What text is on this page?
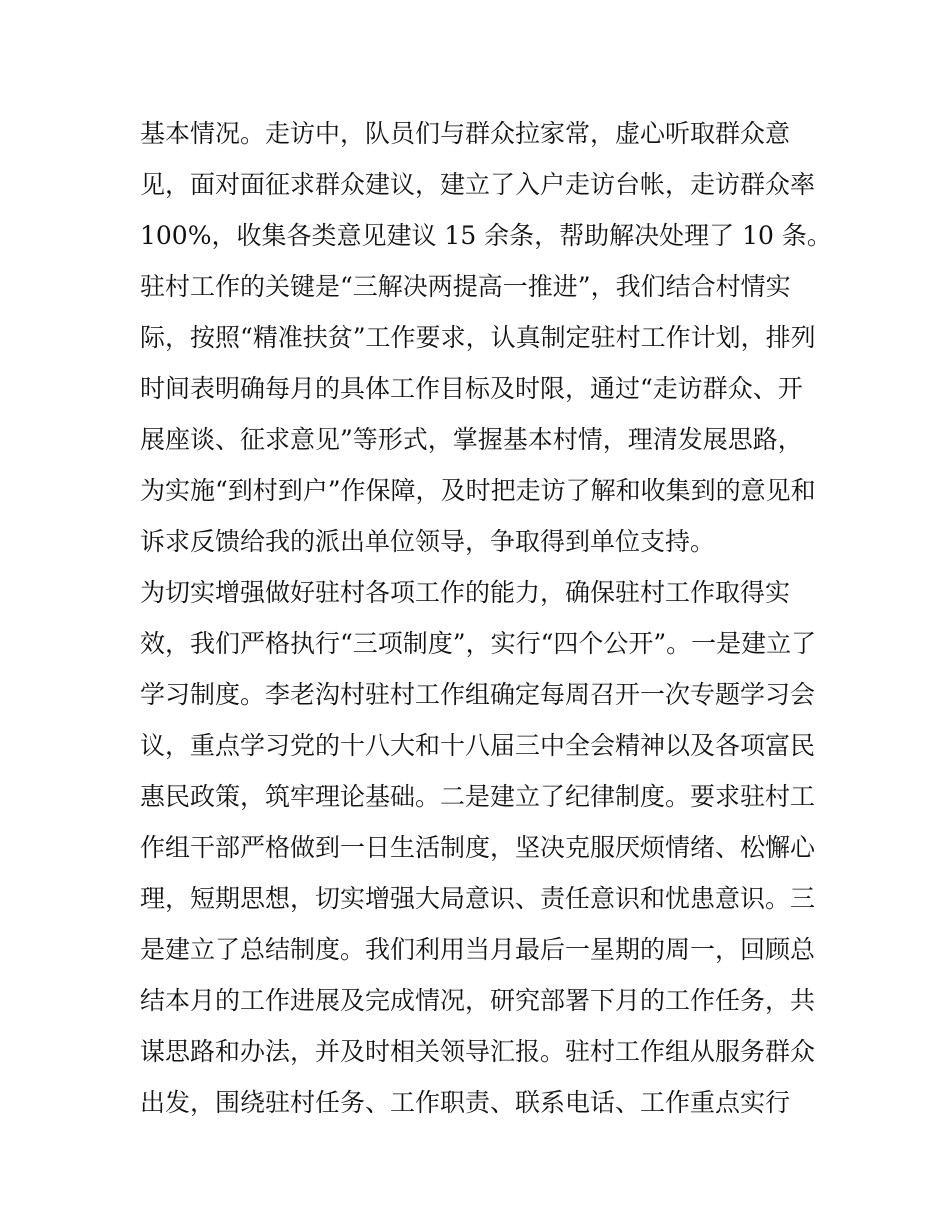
基本情况。走访中，队员们与群众拉家常，虚心听取群众意
见，面对面征求群众建议，建立了入户走访台帐，走访群众率
100%，收集各类意见建议 15 余条，帮助解决处理了 10 条。
驻村工作的关键是“三解决两提高一推进”，我们结合村情实
际，按照“精准扶贫”工作要求，认真制定驻村工作计划，排列
时间表明确每月的具体工作目标及时限，通过“走访群众、开
展座谈、征求意见”等形式，掌握基本村情，理清发展思路，
为实施“到村到户”作保障，及时把走访了解和收集到的意见和
诉求反馈给我的派出单位领导，争取得到单位支持。
为切实增强做好驻村各项工作的能力，确保驻村工作取得实
效，我们严格执行“三项制度”，实行“四个公开”。一是建立了
学习制度。李老沟村驻村工作组确定每周召开一次专题学习会
议，重点学习党的十八大和十八届三中全会精神以及各项富民
惠民政策，筑牢理论基础。二是建立了纪律制度。要求驻村工
作组干部严格做到一日生活制度，坚决克服厌烦情绪、松懈心
理，短期思想，切实增强大局意识、责任意识和忧患意识。三
是建立了总结制度。我们利用当月最后一星期的周一，回顾总
结本月的工作进展及完成情况，研究部署下月的工作任务，共
谋思路和办法，并及时相关领导汇报。驻村工作组从服务群众
出发，围绕驻村任务、工作职责、联系电话、工作重点实行
